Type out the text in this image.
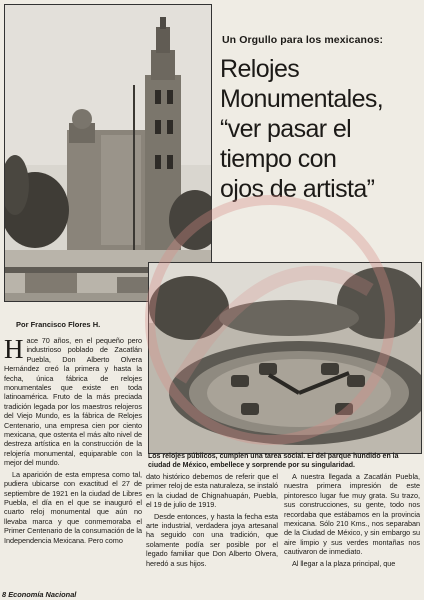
Un Orgullo para los mexicanos:
Relojes
Monumentales,
“ver pasar el
tiempo con
ojos de artista”
Por Francisco Flores H.

Hace 70 años, en el pequeño pero industrioso poblado de Zacatlán Puebla, Don Alberto Olvera Hernández creó la primera y hasta la fecha, única fábrica de relojes monumentales que existe en toda latinoamérica. Fruto de la más preciada tradición legada por los maestros relojeros del Viejo Mundo, es la fábrica de Relojes Centenario, una empresa cien por ciento mexicana, que ostenta el más alto nivel de destreza artística en la construcción de la relojería monumental, equiparable con la mejor del mundo.

La aparición de esta empresa como tal, pudiera ubicarse con exactitud el 27 de septiembre de 1921 en la ciudad de Libres Puebla, el día en el que se inauguró el cuarto reloj monumental que aún no llevaba marca y que conmemoraba el Primer Centenario de la consumación de la Independencia Mexicana. Pero como

Los relojes públicos, cumplen una tarea social. El del parque hundido en la ciudad de México, embellece y sorprende por su singularidad.

dato histórico debemos de referir que el primer reloj de esta naturaleza, se instaló en la ciudad de Chignahuapán, Puebla, el 19 de julio de 1919.

Desde entonces, y hasta la fecha esta arte industrial, verdadera joya artesanal ha seguido con una tradición, que solamente podía ser posible por el legado familiar que Don Alberto Olvera, heredó a sus hijos.

A nuestra llegada a Zacatlán Puebla, nuestra primera impresión de este pintoresco lugar fue muy grata. Su trazo, sus construcciones, su gente, todo nos recordaba que estábamos en la provincia mexicana. Sólo 210 Kms., nos separaban de la Ciudad de México, y sin embargo su aire limpio y sus verdes montañas nos cautivaron de inmediato.

Al llegar a la plaza principal, que

8 Economía Nacional
